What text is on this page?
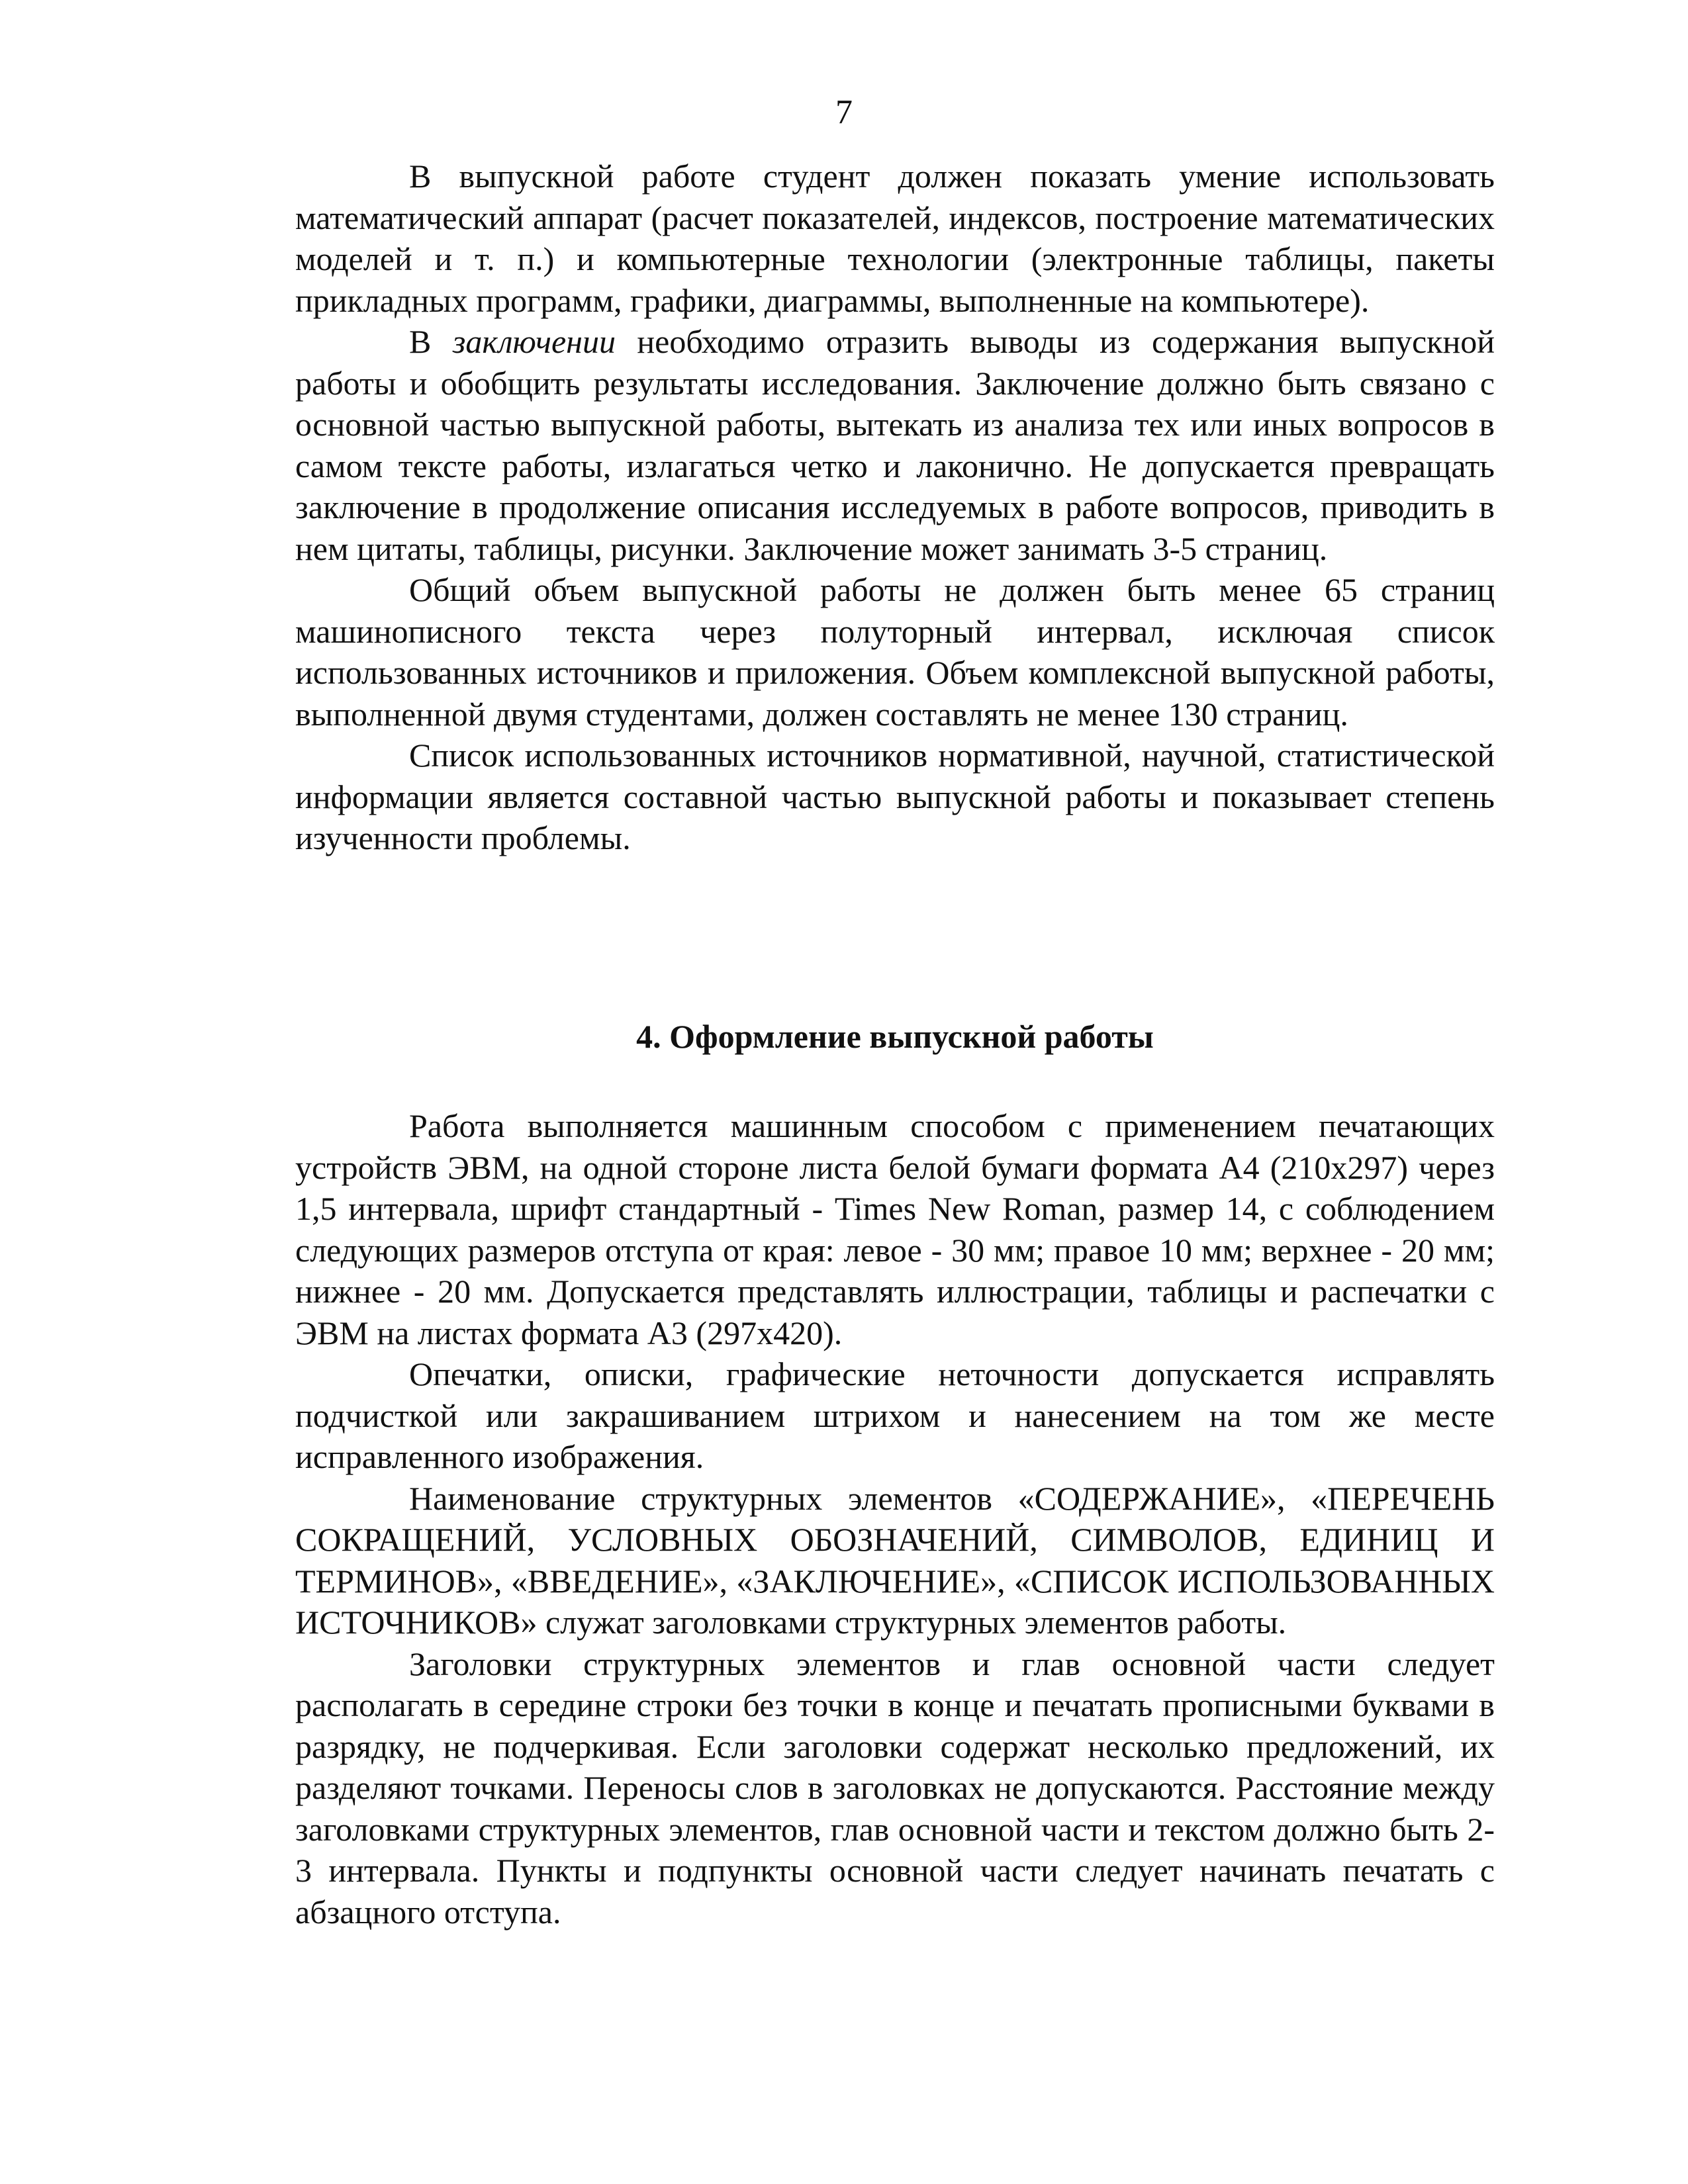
7

В выпускной работе студент должен показать умение использовать математический аппарат (расчет показателей, индексов, построение математических моделей и т. п.) и компьютерные технологии (электронные таблицы, пакеты прикладных программ, графики, диаграммы, выполненные на компьютере).

В заключении необходимо отразить выводы из содержания выпускной работы и обобщить результаты исследования. Заключение должно быть связано с основной частью выпускной работы, вытекать из анализа тех или иных вопросов в самом тексте работы, излагаться четко и лаконично. Не допускается превращать заключение в продолжение описания исследуемых в работе вопросов, приводить в нем цитаты, таблицы, рисунки. Заключение может занимать 3-5 страниц.

Общий объем выпускной работы не должен быть менее 65 страниц машинописного текста через полуторный интервал, исключая список использованных источников и приложения. Объем комплексной выпускной работы, выполненной двумя студентами, должен составлять не менее 130 страниц.

Список использованных источников нормативной, научной, статистической информации является составной частью выпускной работы и показывает степень изученности проблемы.

4. Оформление выпускной работы

Работа выполняется машинным способом с применением печатающих устройств ЭВМ, на одной стороне листа белой бумаги формата А4 (210x297) через 1,5 интервала, шрифт стандартный - Times New Roman, размер 14, с соблюдением следующих размеров отступа от края: левое - 30 мм; правое 10 мм; верхнее - 20 мм; нижнее - 20 мм. Допускается представлять иллюстрации, таблицы и распечатки с ЭВМ на листах формата А3 (297x420).

Опечатки, описки, графические неточности допускается исправлять подчисткой или закрашиванием штрихом и нанесением на том же месте исправленного изображения.

Наименование структурных элементов «СОДЕРЖАНИЕ», «ПЕРЕЧЕНЬ СОКРАЩЕНИЙ, УСЛОВНЫХ ОБОЗНАЧЕНИЙ, СИМВОЛОВ, ЕДИНИЦ И ТЕРМИНОВ», «ВВЕДЕНИЕ», «ЗАКЛЮЧЕНИЕ», «СПИСОК ИСПОЛЬЗОВАННЫХ ИСТОЧНИКОВ» служат заголовками структурных элементов работы.

Заголовки структурных элементов и глав основной части следует располагать в середине строки без точки в конце и печатать прописными буквами в разрядку, не подчеркивая. Если заголовки содержат несколько предложений, их разделяют точками. Переносы слов в заголовках не допускаются. Расстояние между заголовками структурных элементов, глав основной части и текстом должно быть 2-3 интервала. Пункты и подпункты основной части следует начинать печатать с абзацного отступа.
